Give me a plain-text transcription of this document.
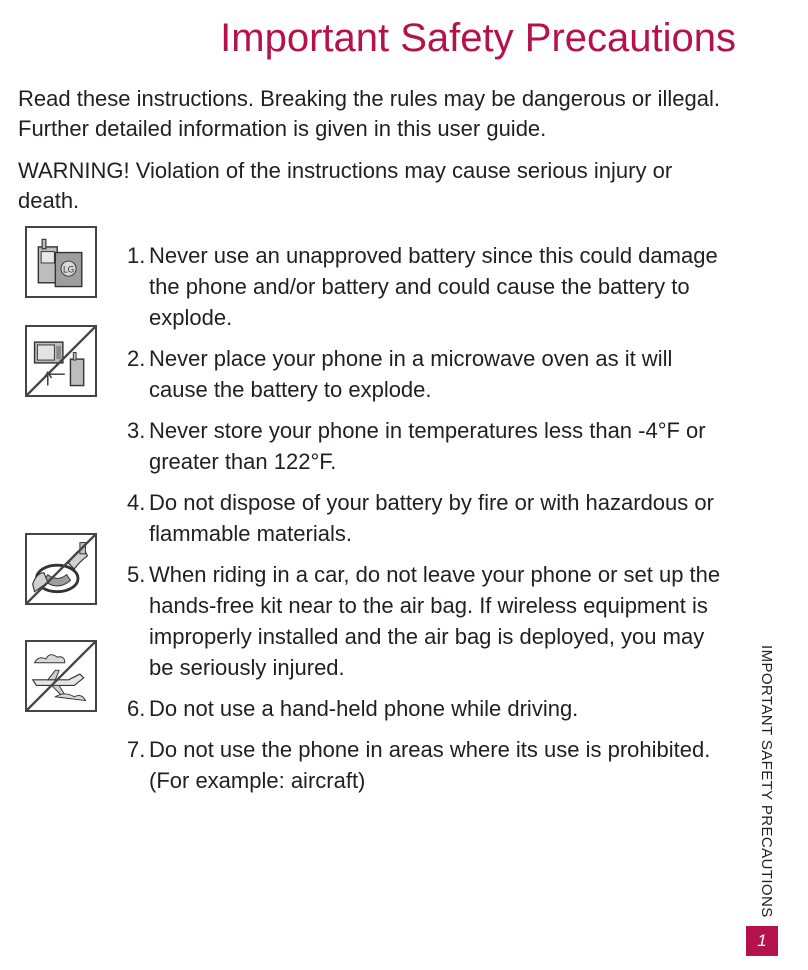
Important Safety Precautions

Read these instructions. Breaking the rules may be dangerous or illegal.

Further detailed information is given in this user guide.

WARNING! Violation of the instructions may cause serious injury or death.

LG
1. Never use an unapproved battery since this could damage the phone and/or battery and could cause the battery to explode.
2. Never place your phone in a microwave oven as it will cause the battery to explode.
3. Never store your phone in temperatures less than -4°F or greater than 122°F.
4. Do not dispose of your battery by fire or with hazardous or flammable materials.
5. When riding in a car, do not leave your phone or set up the hands-free kit near to the air bag. If wireless equipment is improperly installed and the air bag is deployed, you may be seriously injured.
6. Do not use a hand-held phone while driving.
7. Do not use the phone in areas where its use is prohibited. (For example: aircraft)	IMPORTANT SAFETY PRECAUTIONS
1
